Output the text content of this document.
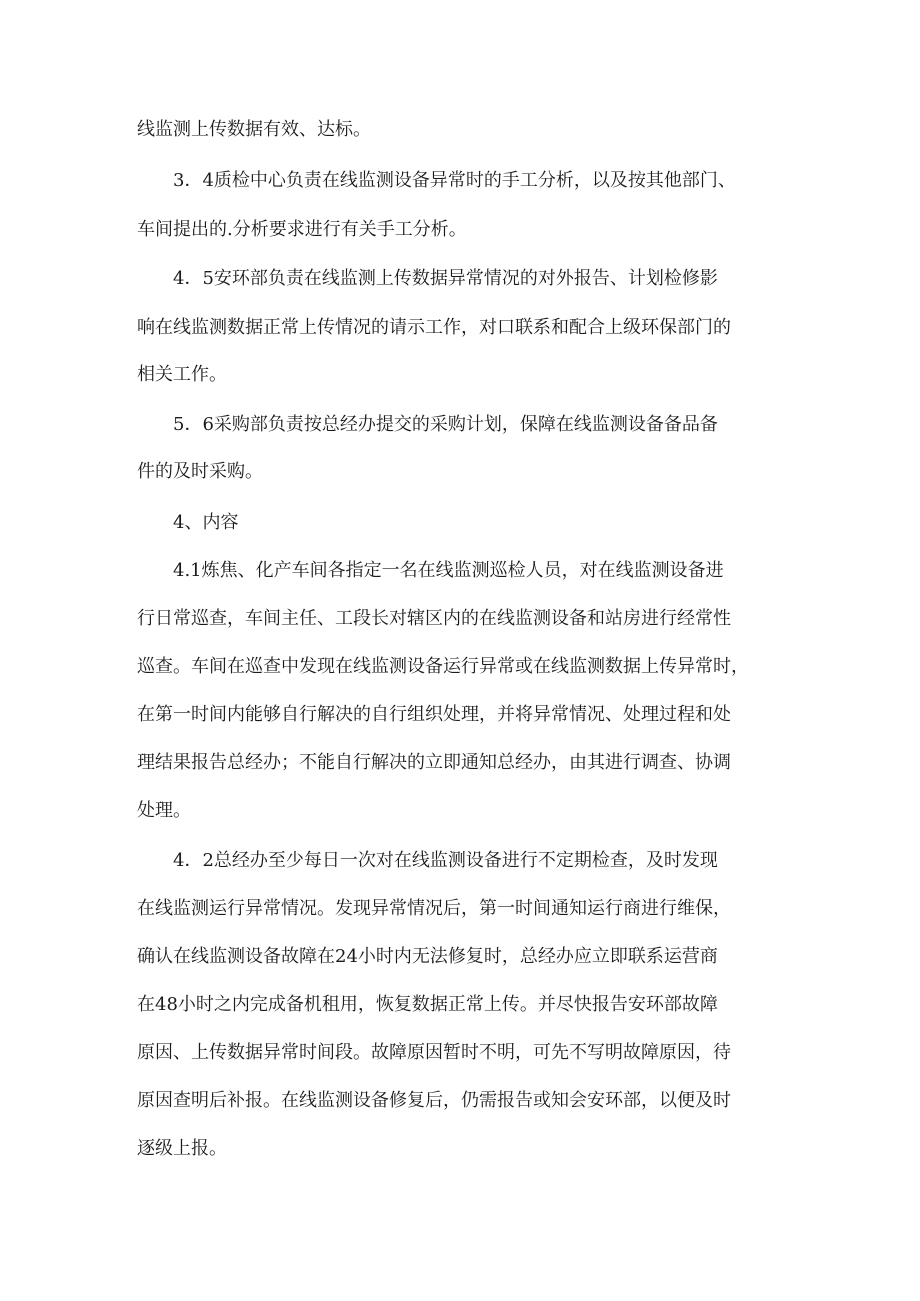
线监测上传数据有效、达标。
3．4质检中心负责在线监测设备异常时的手工分析，以及按其他部门、
车间提出的.分析要求进行有关手工分析。
4．5安环部负责在线监测上传数据异常情况的对外报告、计划检修影
响在线监测数据正常上传情况的请示工作，对口联系和配合上级环保部门的
相关工作。
5．6采购部负责按总经办提交的采购计划，保障在线监测设备备品备
件的及时采购。
4、内容
4.1炼焦、化产车间各指定一名在线监测巡检人员，对在线监测设备进
行日常巡查，车间主任、工段长对辖区内的在线监测设备和站房进行经常性
巡查。车间在巡查中发现在线监测设备运行异常或在线监测数据上传异常时，
在第一时间内能够自行解决的自行组织处理，并将异常情况、处理过程和处
理结果报告总经办；不能自行解决的立即通知总经办，由其进行调查、协调
处理。
4．2总经办至少每日一次对在线监测设备进行不定期检查，及时发现
在线监测运行异常情况。发现异常情况后，第一时间通知运行商进行维保，
确认在线监测设备故障在24小时内无法修复时，总经办应立即联系运营商
在48小时之内完成备机租用，恢复数据正常上传。并尽快报告安环部故障
原因、上传数据异常时间段。故障原因暂时不明，可先不写明故障原因，待
原因查明后补报。在线监测设备修复后，仍需报告或知会安环部，以便及时
逐级上报。
